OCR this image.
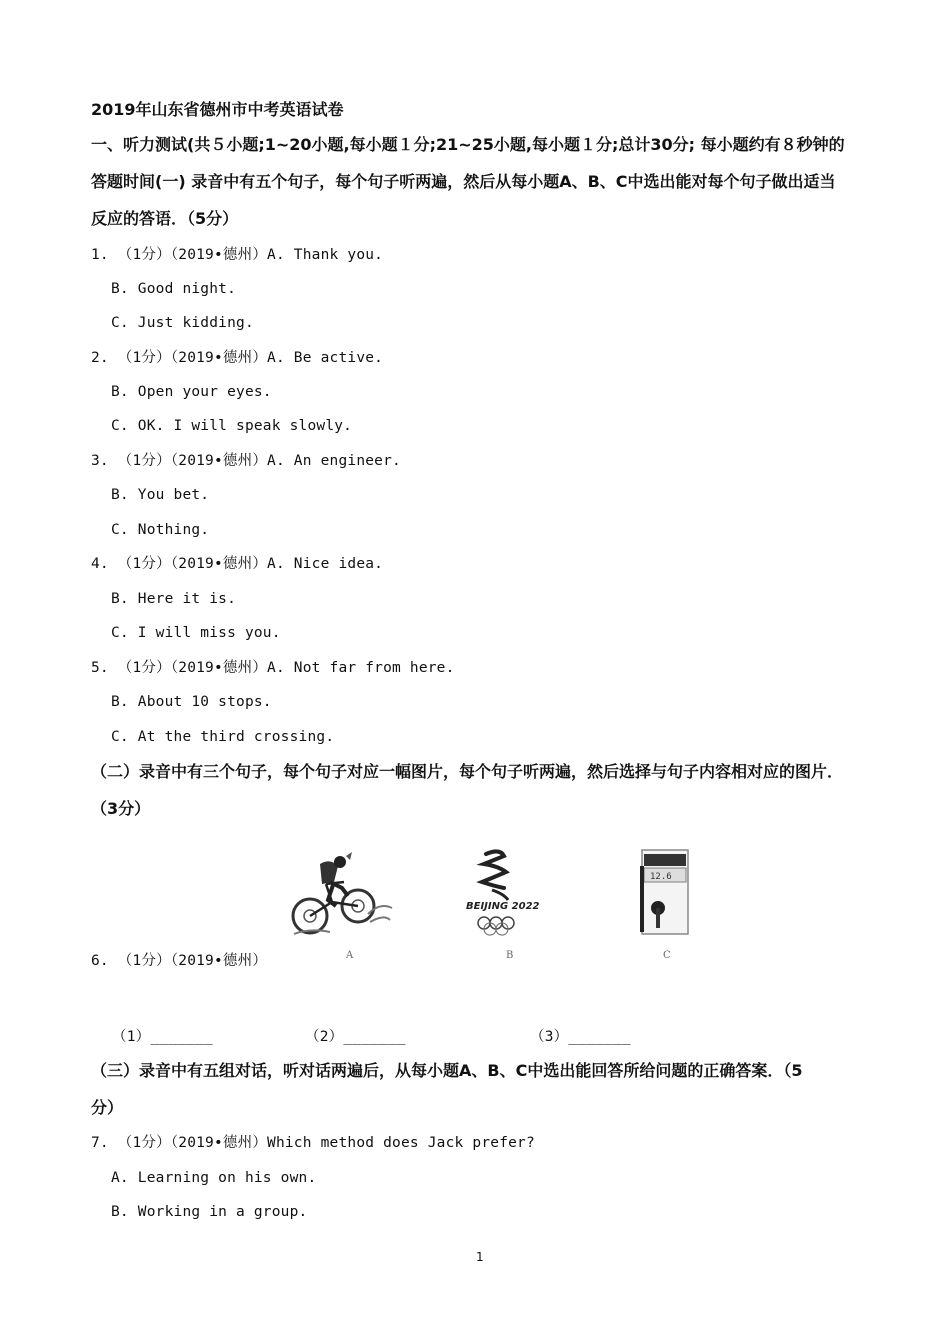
2019年山东省德州市中考英语试卷
一、听力测试(共５小题;1~20小题,每小题１分;21~25小题,每小题１分;总计30分; 每小题约有８秒钟的
答题时间(一) 录音中有五个句子，每个句子听两遍，然后从每小题A、B、C中选出能对每个句子做出适当
反应的答语．（5分）
1. （1分）（2019•德州）A. Thank you.
B. Good night.
C. Just kidding.
2. （1分）（2019•德州）A. Be active.
B. Open your eyes.
C. OK. I will speak slowly.
3. （1分）（2019•德州）A. An engineer.
B. You bet.
C. Nothing.
4. （1分）（2019•德州）A. Nice idea.
B. Here it is.
C. I will miss you.
5. （1分）（2019•德州）A. Not far from here.
B. About 10 stops.
C. At the third crossing.
（二）录音中有三个句子，每个句子对应一幅图片，每个句子听两遍，然后选择与句子内容相对应的图片．
（3分）
A
BEIJING 2022
B
12.6
C
6. （1分）（2019•德州）
（1）_______	（2）_______	（3）_______
（三）录音中有五组对话，听对话两遍后，从每小题A、B、C中选出能回答所给问题的正确答案．（5
分）
7. （1分）（2019•德州）Which method does Jack prefer?
A. Learning on his own.
B. Working in a group.
1
